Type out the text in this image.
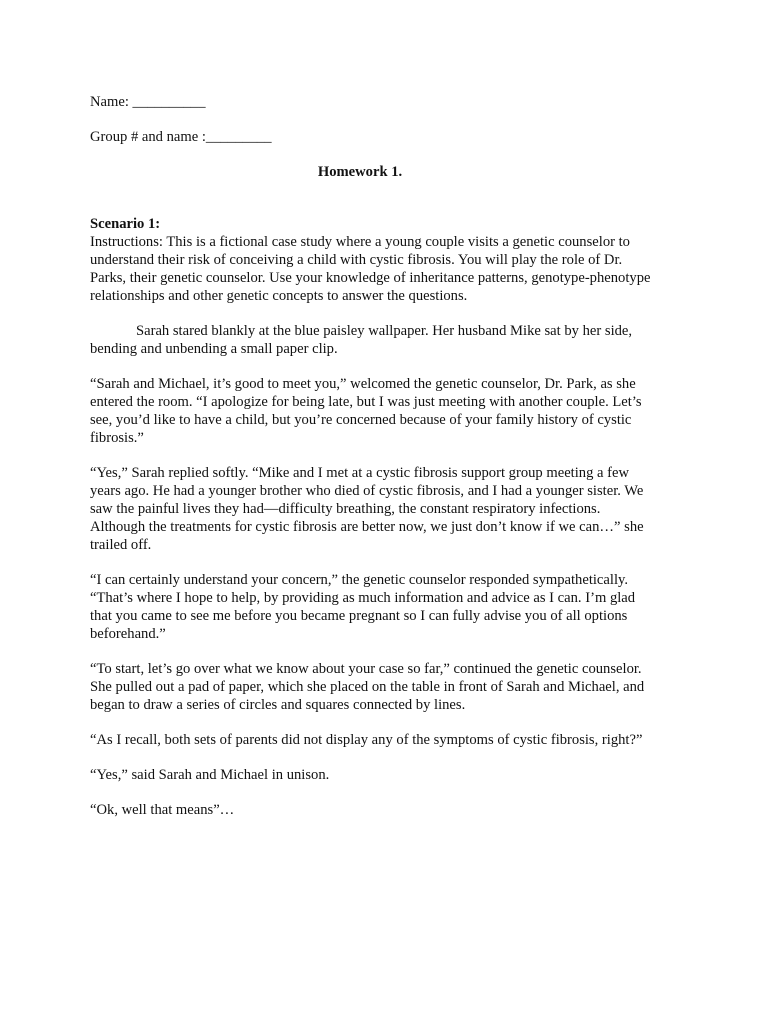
Name: __________

Group # and name :_________

Homework 1.

Scenario 1:

Instructions: This is a fictional case study where a young couple visits a genetic counselor to

understand their risk of conceiving a child with cystic fibrosis. You will play the role of Dr.

Parks, their genetic counselor. Use your knowledge of inheritance patterns, genotype-phenotype

relationships and other genetic concepts to answer the questions.

Sarah stared blankly at the blue paisley wallpaper. Her husband Mike sat by her side,

bending and unbending a small paper clip.

“Sarah and Michael, it’s good to meet you,” welcomed the genetic counselor, Dr. Park, as she

entered the room. “I apologize for being late, but I was just meeting with another couple. Let’s

see, you’d like to have a child, but you’re concerned because of your family history of cystic

fibrosis.”

“Yes,” Sarah replied softly. “Mike and I met at a cystic fibrosis support group meeting a few

years ago. He had a younger brother who died of cystic fibrosis, and I had a younger sister. We

saw the painful lives they had—difficulty breathing, the constant respiratory infections.

Although the treatments for cystic fibrosis are better now, we just don’t know if we can…” she

trailed off.

“I can certainly understand your concern,” the genetic counselor responded sympathetically.

“That’s where I hope to help, by providing as much information and advice as I can. I’m glad

that you came to see me before you became pregnant so I can fully advise you of all options

beforehand.”

“To start, let’s go over what we know about your case so far,” continued the genetic counselor.

She pulled out a pad of paper, which she placed on the table in front of Sarah and Michael, and

began to draw a series of circles and squares connected by lines.

“As I recall, both sets of parents did not display any of the symptoms of cystic fibrosis, right?”

“Yes,” said Sarah and Michael in unison.

“Ok, well that means”…
